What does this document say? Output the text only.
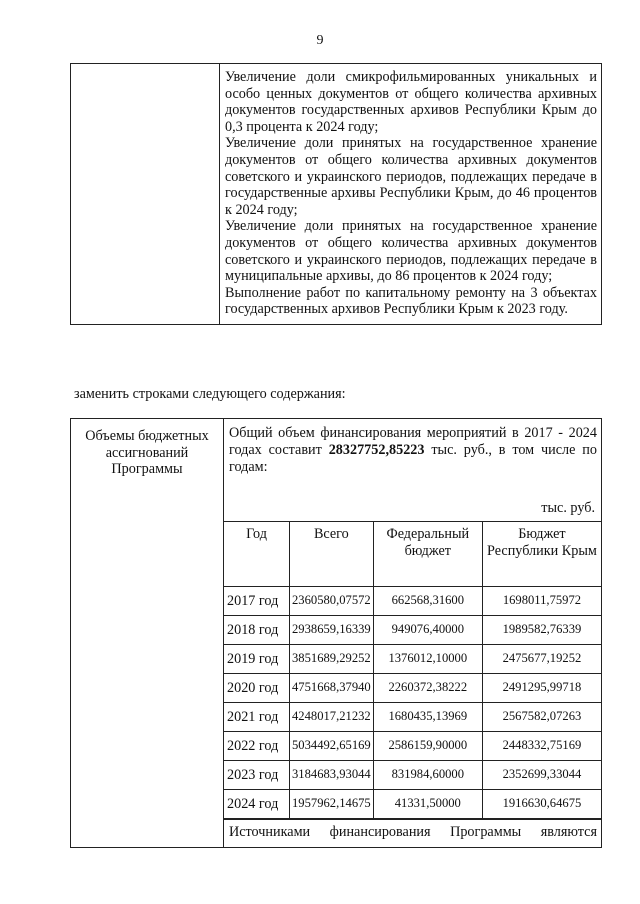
9

Увеличение доли смикрофильмированных уникальных и особо ценных документов от общего количества архивных документов государственных архивов Республики Крым до 0,3 процента к 2024 году;

Увеличение доли принятых на государственное хранение документов от общего количества архивных документов советского и украинского периодов, подлежащих передаче в государственные архивы Республики Крым, до 46 процентов к 2024 году;

Увеличение доли принятых на государственное хранение документов от общего количества архивных документов советского и украинского периодов, подлежащих передаче в муниципальные архивы, до 86 процентов к 2024 году;

Выполнение работ по капитальному ремонту на 3 объектах государственных архивов Республики Крым к 2023 году.

заменить строками следующего содержания:
Объемы бюджетных ассигнований Программы	
Общий объем финансирования мероприятий в 2017 - 2024 годах составит 28327752,85223 тыс. руб., в том числе по годам:
тыс. руб.
Год	Всего	Федеральный бюджет	Бюджет Республики Крым
2017 год	2360580,07572	662568,31600	1698011,75972
2018 год	2938659,16339	949076,40000	1989582,76339
2019 год	3851689,29252	1376012,10000	2475677,19252
2020 год	4751668,37940	2260372,38222	2491295,99718
2021 год	4248017,21232	1680435,13969	2567582,07263
2022 год	5034492,65169	2586159,90000	2448332,75169
2023 год	3184683,93044	831984,60000	2352699,33044
2024 год	1957962,14675	41331,50000	1916630,64675
Источниками финансирования Программы являются
